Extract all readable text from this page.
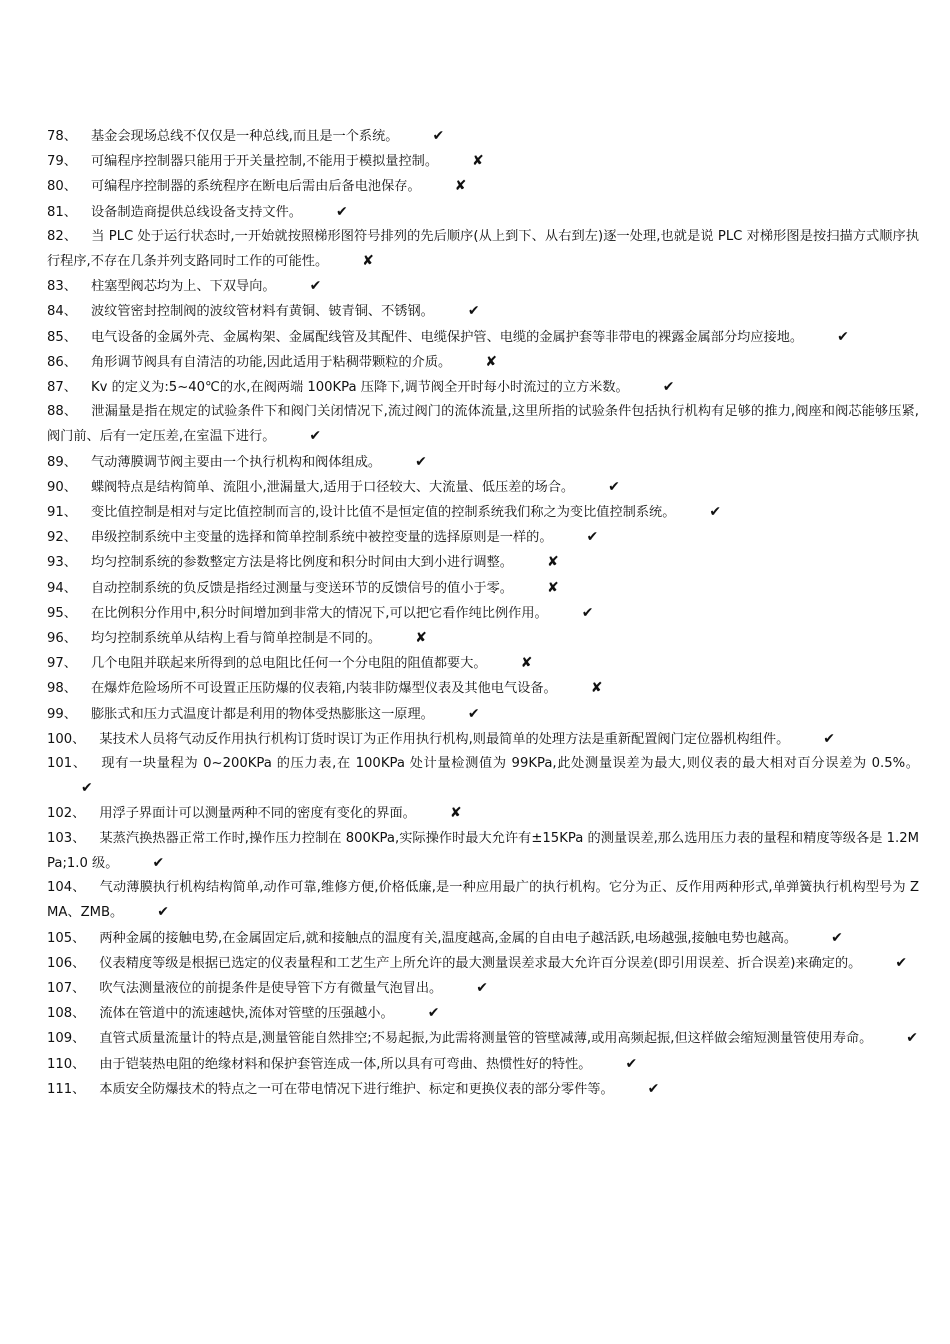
78、 基金会现场总线不仅仅是一种总线,而且是一个系统。 ✔

79、 可编程序控制器只能用于开关量控制,不能用于模拟量控制。 ✘

80、 可编程序控制器的系统程序在断电后需由后备电池保存。 ✘

81、 设备制造商提供总线设备支持文件。 ✔

82、 当 PLC 处于运行状态时,一开始就按照梯形图符号排列的先后顺序(从上到下、从右到左)逐一处理,也就是说 PLC 对梯形图是按扫描方式顺序执行程序,不存在几条并列支路同时工作的可能性。 ✘

83、 柱塞型阀芯均为上、下双导向。 ✔

84、 波纹管密封控制阀的波纹管材料有黄铜、铍青铜、不锈钢。 ✔

85、 电气设备的金属外壳、金属构架、金属配线管及其配件、电缆保护管、电缆的金属护套等非带电的裸露金属部分均应接地。 ✔

86、 角形调节阀具有自清洁的功能,因此适用于粘稠带颗粒的介质。 ✘

87、 Kv 的定义为:5~40℃的水,在阀两端 100KPa 压降下,调节阀全开时每小时流过的立方米数。 ✔

88、 泄漏量是指在规定的试验条件下和阀门关闭情况下,流过阀门的流体流量,这里所指的试验条件包括执行机构有足够的推力,阀座和阀芯能够压紧,阀门前、后有一定压差,在室温下进行。 ✔

89、 气动薄膜调节阀主要由一个执行机构和阀体组成。 ✔

90、 蝶阀特点是结构简单、流阻小,泄漏量大,适用于口径较大、大流量、低压差的场合。 ✔

91、 变比值控制是相对与定比值控制而言的,设计比值不是恒定值的控制系统我们称之为变比值控制系统。 ✔

92、 串级控制系统中主变量的选择和简单控制系统中被控变量的选择原则是一样的。 ✔

93、 均匀控制系统的参数整定方法是将比例度和积分时间由大到小进行调整。 ✘

94、 自动控制系统的负反馈是指经过测量与变送环节的反馈信号的值小于零。 ✘

95、 在比例积分作用中,积分时间增加到非常大的情况下,可以把它看作纯比例作用。 ✔

96、 均匀控制系统单从结构上看与简单控制是不同的。 ✘

97、 几个电阻并联起来所得到的总电阻比任何一个分电阻的阻值都要大。 ✘

98、 在爆炸危险场所不可设置正压防爆的仪表箱,内装非防爆型仪表及其他电气设备。 ✘

99、 膨胀式和压力式温度计都是利用的物体受热膨胀这一原理。 ✔

100、 某技术人员将气动反作用执行机构订货时误订为正作用执行机构,则最简单的处理方法是重新配置阀门定位器机构组件。 ✔

101、 现有一块量程为 0~200KPa 的压力表,在 100KPa 处计量检测值为 99KPa,此处测量误差为最大,则仪表的最大相对百分误差为 0.5%。✔

102、 用浮子界面计可以测量两种不同的密度有变化的界面。 ✘

103、 某蒸汽换热器正常工作时,操作压力控制在 800KPa,实际操作时最大允许有±15KPa 的测量误差,那么选用压力表的量程和精度等级各是 1.2MPa;1.0 级。 ✔

104、 气动薄膜执行机构结构简单,动作可靠,维修方便,价格低廉,是一种应用最广的执行机构。它分为正、反作用两种形式,单弹簧执行机构型号为 ZMA、ZMB。 ✔

105、 两种金属的接触电势,在金属固定后,就和接触点的温度有关,温度越高,金属的自由电子越活跃,电场越强,接触电势也越高。 ✔

106、 仪表精度等级是根据已选定的仪表量程和工艺生产上所允许的最大测量误差求最大允许百分误差(即引用误差、折合误差)来确定的。 ✔

107、 吹气法测量液位的前提条件是使导管下方有微量气泡冒出。 ✔

108、 流体在管道中的流速越快,流体对管壁的压强越小。 ✔

109、 直管式质量流量计的特点是,测量管能自然排空;不易起振,为此需将测量管的管壁减薄,或用高频起振,但这样做会缩短测量管使用寿命。 ✔

110、 由于铠装热电阻的绝缘材料和保护套管连成一体,所以具有可弯曲、热惯性好的特性。 ✔

111、 本质安全防爆技术的特点之一可在带电情况下进行维护、标定和更换仪表的部分零件等。 ✔
